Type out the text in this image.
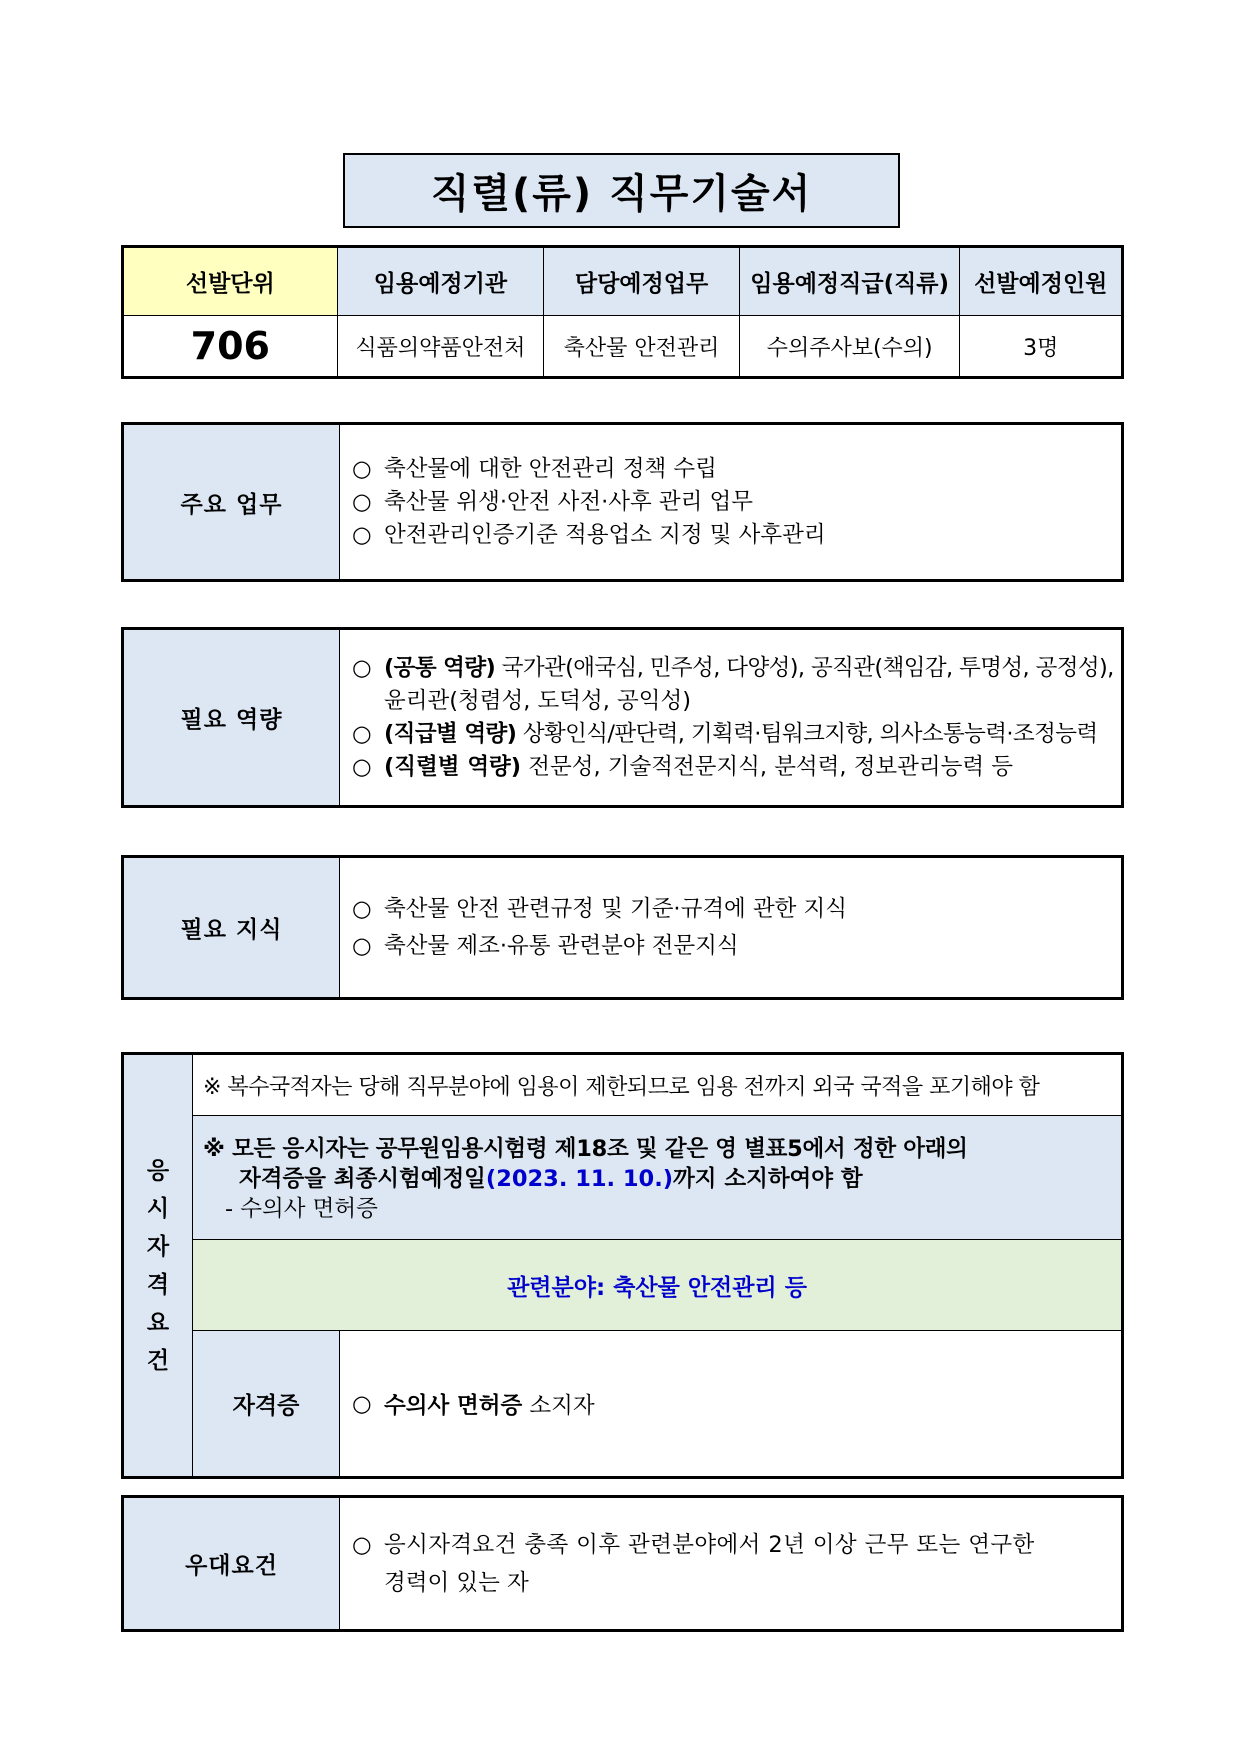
직렬(류) 직무기술서
선발단위	임용예정기관	담당예정업무	임용예정직급(직류)	선발예정인원
706	식품의약품안전처	축산물 안전관리	수의주사보(수의)	3명
주요 업무
○ 축산물에 대한 안전관리 정책 수립
○ 축산물 위생·안전 사전·사후 관리 업무
○ 안전관리인증기준 적용업소 지정 및 사후관리
필요 역량
○ (공통 역량) 국가관(애국심, 민주성, 다양성), 공직관(책임감, 투명성, 공정성),
윤리관(청렴성, 도덕성, 공익성)
○ (직급별 역량) 상황인식/판단력, 기획력·팀워크지향, 의사소통능력·조정능력
○ (직렬별 역량) 전문성, 기술적전문지식, 분석력, 정보관리능력 등
필요 지식
○ 축산물 안전 관련규정 및 기준·규격에 관한 지식
○ 축산물 제조·유통 관련분야 전문지식
응
시
자
격
요
건
※ 복수국적자는 당해 직무분야에 임용이 제한되므로 임용 전까지 외국 국적을 포기해야 함
※ 모든 응시자는 공무원임용시험령 제18조 및 같은 영 별표5에서 정한 아래의
자격증을 최종시험예정일(2023. 11. 10.)까지 소지하여야 함
- 수의사 면허증
관련분야: 축산물 안전관리 등
자격증	○ 수의사 면허증
소지자
우대요건
○ 응시자격요건 충족 이후 관련분야에서 2년 이상 근무 또는 연구한
경력이 있는 자
